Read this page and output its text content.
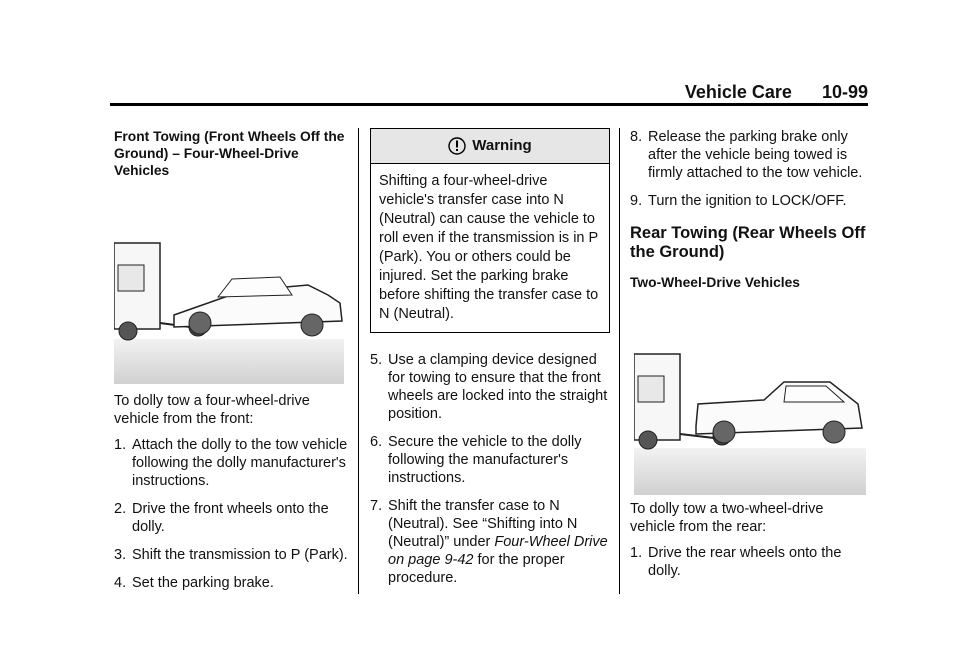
Vehicle Care 10-99

Front Towing (Front Wheels Off the Ground) – Four-Wheel-Drive Vehicles

To dolly tow a four-wheel-drive vehicle from the front:

1. Attach the dolly to the tow vehicle following the dolly manufacturer's instructions.
2. Drive the front wheels onto the dolly.
3. Shift the transmission to P (Park).
4. Set the parking brake.
Warning
Shifting a four-wheel-drive vehicle's transfer case into N (Neutral) can cause the vehicle to roll even if the transmission is in P (Park). You or others could be injured. Set the parking brake before shifting the transfer case to N (Neutral).
5. Use a clamping device designed for towing to ensure that the front wheels are locked into the straight position.
6. Secure the vehicle to the dolly following the manufacturer's instructions.
7. Shift the transfer case to N (Neutral). See “Shifting into N (Neutral)” under Four-Wheel Drive on page 9-42 for the proper procedure.
8. Release the parking brake only after the vehicle being towed is firmly attached to the tow vehicle.
9. Turn the ignition to LOCK/OFF.

Rear Towing (Rear Wheels Off the Ground)

Two-Wheel-Drive Vehicles

To dolly tow a two-wheel-drive vehicle from the rear:

1. Drive the rear wheels onto the dolly.
